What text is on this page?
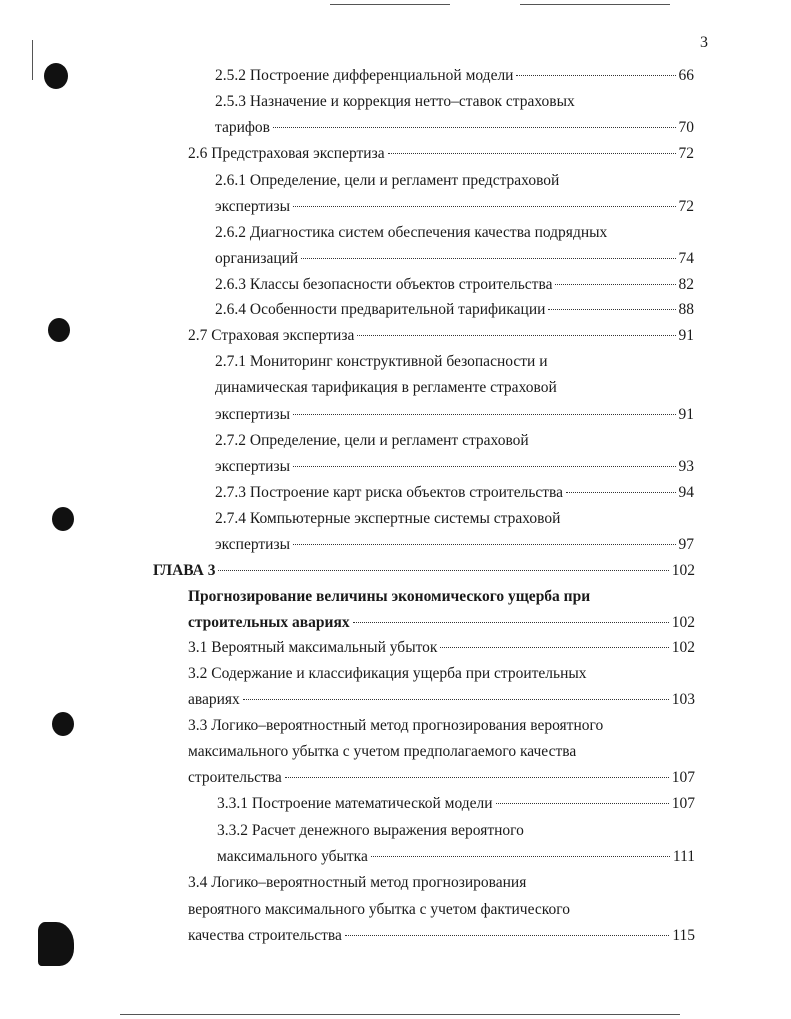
3
2.5.2 Построение дифференциальной модели	66
2.5.3 Назначение и коррекция нетто–ставок страховых
тарифов	70
2.6 Предстраховая экспертиза	72
2.6.1 Определение, цели и регламент предстраховой
экспертизы	72
2.6.2 Диагностика систем обеспечения качества подрядных
организаций	74
2.6.3 Классы безопасности объектов строительства	82
2.6.4 Особенности предварительной тарификации	88
2.7 Страховая экспертиза	91
2.7.1 Мониторинг конструктивной безопасности и
динамическая тарификация в регламенте страховой
экспертизы	91
2.7.2 Определение, цели и регламент страховой
экспертизы	93
2.7.3 Построение карт риска объектов строительства	94
2.7.4 Компьютерные экспертные системы страховой
экспертизы	97
ГЛАВА 3	102
Прогнозирование величины экономического ущерба при
строительных авариях	102
3.1 Вероятный максимальный убыток	102
3.2 Содержание и классификация ущерба при строительных
авариях	103
3.3 Логико–вероятностный метод прогнозирования вероятного
максимального убытка с учетом предполагаемого качества
строительства	107
3.3.1 Построение математической модели	107
3.3.2 Расчет денежного выражения вероятного
максимального убытка	111
3.4 Логико–вероятностный метод прогнозирования
вероятного максимального убытка с учетом фактического
качества строительства	115
